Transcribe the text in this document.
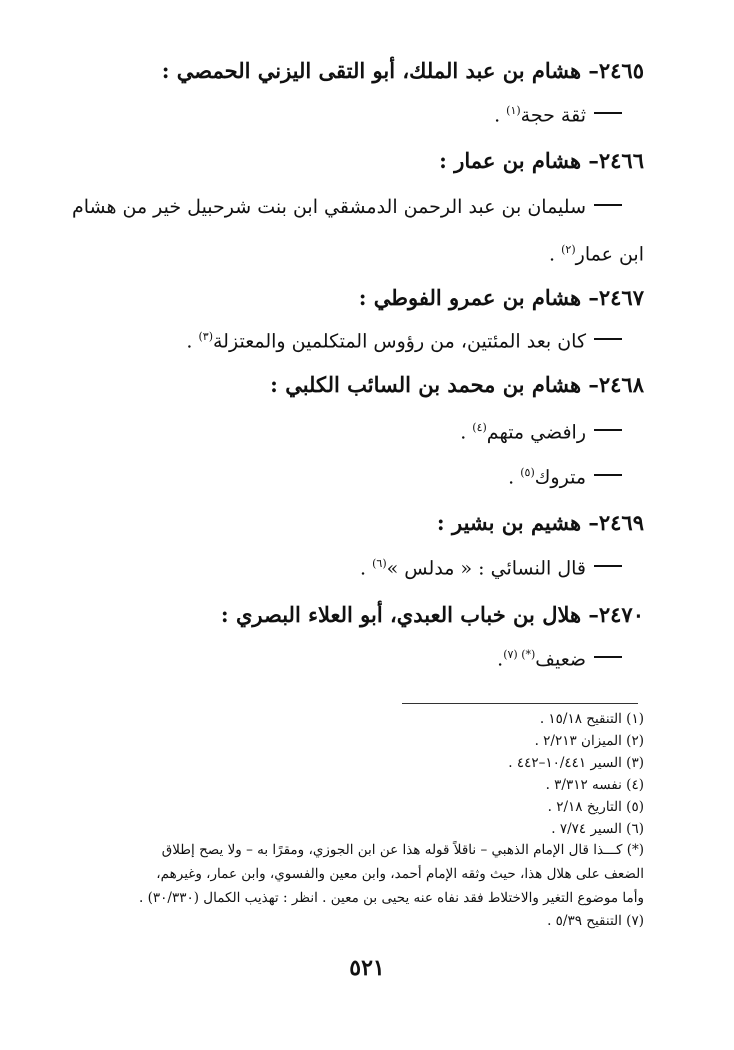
٢٤٦٥– هشام بن عبد الملك، أبو التقى اليزني الحمصي :
ثقة حجة$^{(١)}$ .
٢٤٦٦– هشام بن عمار :
سليمان بن عبد الرحمن الدمشقي ابن بنت شرحبيل خير من هشام
ابن عمار$^{(٢)}$ .
٢٤٦٧– هشام بن عمرو الفوطي :
كان بعد المئتين، من رؤوس المتكلمين والمعتزلة$^{(٣)}$ .
٢٤٦٨– هشام بن محمد بن السائب الكلبي :
رافضي متهم$^{(٤)}$ .
متروك$^{(٥)}$ .
٢٤٦٩– هشيم بن بشير :
قال النسائي : « مدلس »$^{(٦)}$ .
٢٤٧٠– هلال بن خباب العبدي، أبو العلاء البصري :
ضعيف$^{(*) (٧)}$.
(١) التنقيح ١٥/١٨ .
(٢) الميزان ٢/٢١٣ .
(٣) السير ١٠/٤٤١–٤٤٢ .
(٤) نفسه ٣/٣١٢ .
(٥) التاريخ ٢/١٨ .
(٦) السير ٧/٧٤ .
(*) كـــذا قال الإمام الذهبي – ناقلاً قوله هذا عن ابن الجوزي، ومقرًا به – ولا يصح إطلاق
الضعف على هلال هذا، حيث وثقه الإمام أحمد، وابن معين والفسوي، وابن عمار، وغيرهم،
وأما موضوع التغير والاختلاط فقد نفاه عنه يحيى بن معين . انظر : تهذيب الكمال (٣٠/٣٣٠) .
(٧) التنقيح ٥/٣٩ .
٥٢١
